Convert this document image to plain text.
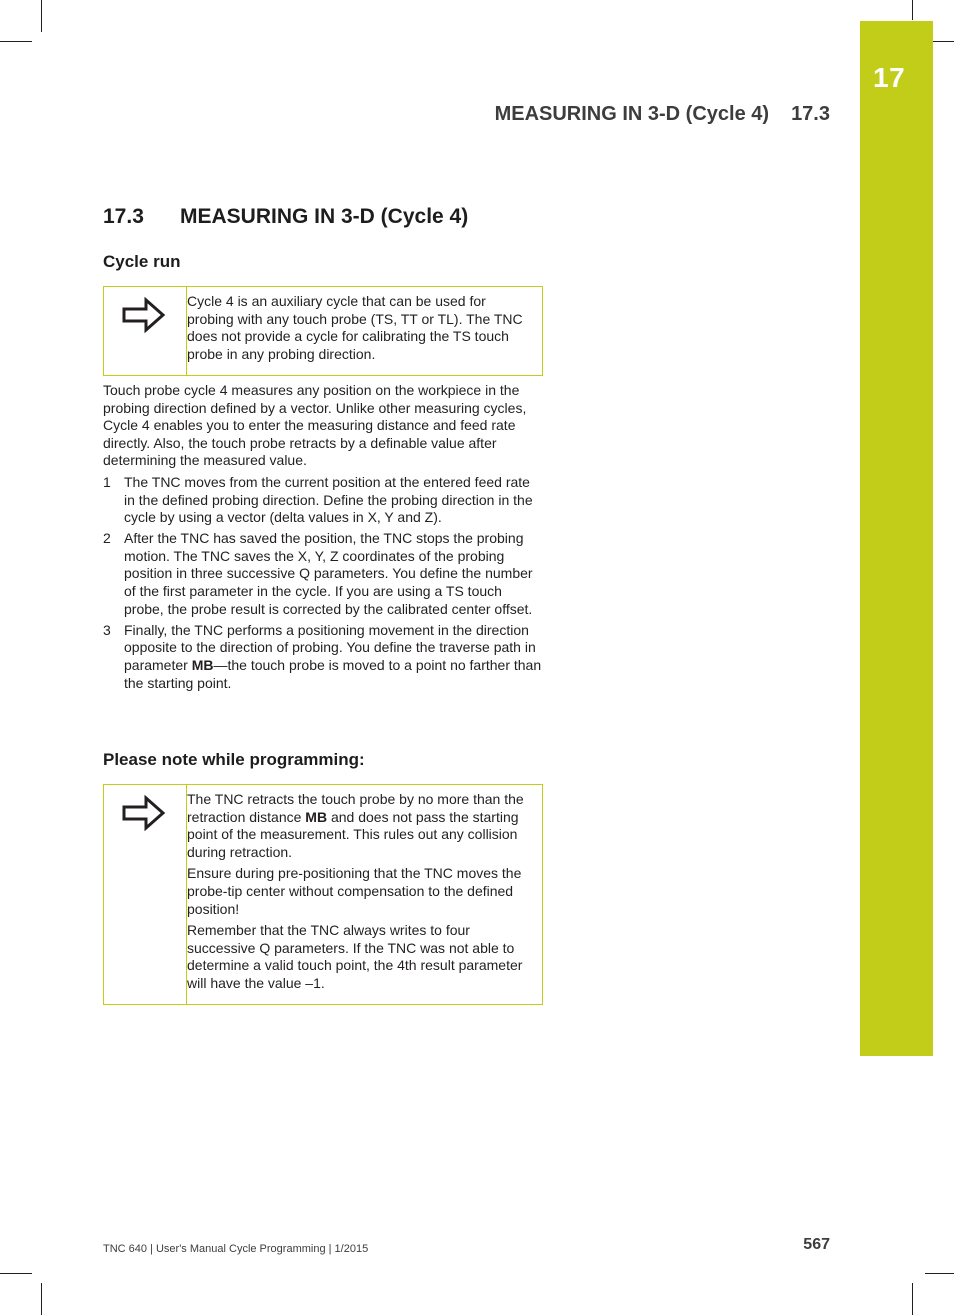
17
MEASURING IN 3-D (Cycle 4) 17.3
17.3 MEASURING IN 3-D (Cycle 4)
Cycle run

Cycle 4 is an auxiliary cycle that can be used for probing with any touch probe (TS, TT or TL). The TNC does not provide a cycle for calibrating the TS touch probe in any probing direction.

Touch probe cycle 4 measures any position on the workpiece in the probing direction defined by a vector. Unlike other measuring cycles, Cycle 4 enables you to enter the measuring distance and feed rate directly. Also, the touch probe retracts by a definable value after determining the measured value.

1 The TNC moves from the current position at the entered feed rate in the defined probing direction. Define the probing direction in the cycle by using a vector (delta values in X, Y and Z).
2 After the TNC has saved the position, the TNC stops the probing motion. The TNC saves the X, Y, Z coordinates of the probing position in three successive Q parameters. You define the number of the first parameter in the cycle. If you are using a TS touch probe, the probe result is corrected by the calibrated center offset.
3 Finally, the TNC performs a positioning movement in the direction opposite to the direction of probing. You define the traverse path in parameter MB—the touch probe is moved to a point no farther than the starting point.
Please note while programming:

The TNC retracts the touch probe by no more than the retraction distance MB and does not pass the starting point of the measurement. This rules out any collision during retraction.

Ensure during pre-positioning that the TNC moves the probe-tip center without compensation to the defined position!

Remember that the TNC always writes to four successive Q parameters. If the TNC was not able to determine a valid touch point, the 4th result parameter will have the value –1.

TNC 640 | User's Manual Cycle Programming | 1/2015	567
